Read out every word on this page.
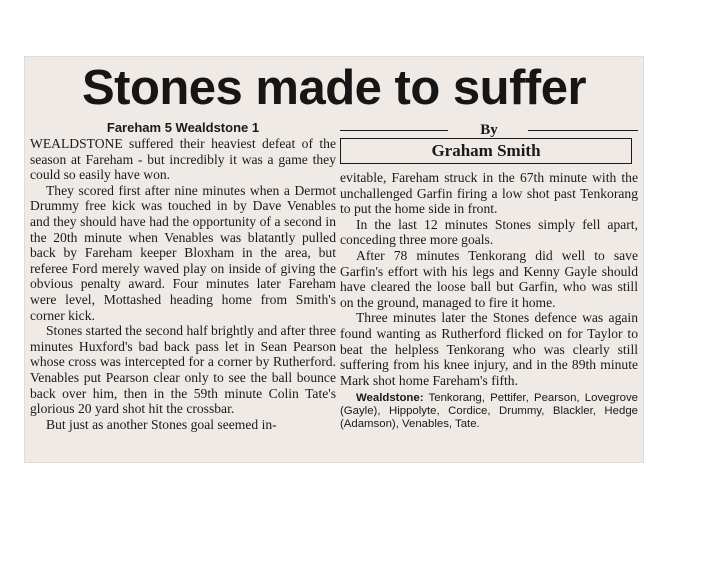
Stones made to suffer
Fareham 5 Wealdstone 1

WEALDSTONE suffered their heaviest defeat of the season at Fareham - but incredibly it was a game they could so easily have won.

They scored first after nine minutes when a Dermot Drummy free kick was touched in by Dave Venables and they should have had the opportunity of a second in the 20th minute when Venables was blatantly pulled back by Fareham keeper Bloxham in the area, but referee Ford merely waved play on inside of giving the obvious penalty award. Four minutes later Fareham were level, Mottashed heading home from Smith's corner kick.

Stones started the second half brightly and after three minutes Huxford's bad back pass let in Sean Pearson whose cross was intercepted for a corner by Rutherford. Venables put Pearson clear only to see the ball bounce back over him, then in the 59th minute Colin Tate's glorious 20 yard shot hit the crossbar.

But just as another Stones goal seemed in-

By
Graham Smith

evitable, Fareham struck in the 67th minute with the unchallenged Garfin firing a low shot past Tenkorang to put the home side in front.

In the last 12 minutes Stones simply fell apart, conceding three more goals.

After 78 minutes Tenkorang did well to save Garfin's effort with his legs and Kenny Gayle should have cleared the loose ball but Garfin, who was still on the ground, managed to fire it home.

Three minutes later the Stones defence was again found wanting as Rutherford flicked on for Taylor to beat the helpless Tenkorang who was clearly still suffering from his knee injury, and in the 89th minute Mark shot home Fareham's fifth.

Wealdstone: Tenkorang, Pettifer, Pearson, Lovegrove (Gayle), Hippolyte, Cordice, Drummy, Blackler, Hedge (Adamson), Venables, Tate.
